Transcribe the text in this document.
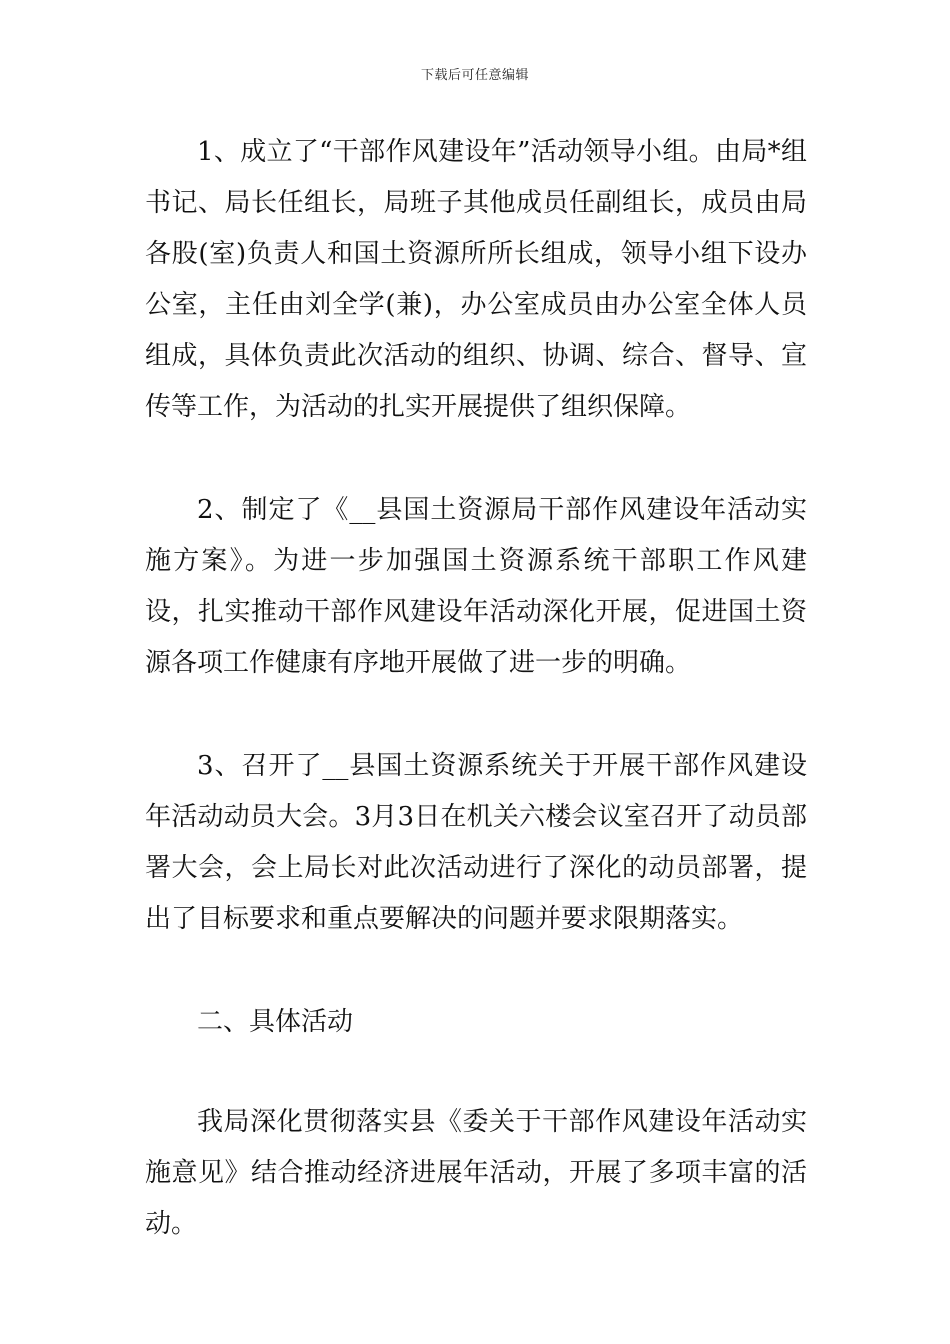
下载后可任意编辑

1、成立了“干部作风建设年”活动领导小组。由局*组书记、局长任组长，局班子其他成员任副组长，成员由局各股(室)负责人和国土资源所所长组成，领导小组下设办公室，主任由刘全学(兼)，办公室成员由办公室全体人员组成，具体负责此次活动的组织、协调、综合、督导、宣传等工作，为活动的扎实开展提供了组织保障。

2、制定了《__县国土资源局干部作风建设年活动实施方案》。为进一步加强国土资源系统干部职工作风建设，扎实推动干部作风建设年活动深化开展，促进国土资源各项工作健康有序地开展做了进一步的明确。

3、召开了__县国土资源系统关于开展干部作风建设年活动动员大会。3月3日在机关六楼会议室召开了动员部署大会，会上局长对此次活动进行了深化的动员部署，提出了目标要求和重点要解决的问题并要求限期落实。

二、具体活动

我局深化贯彻落实县《委关于干部作风建设年活动实施意见》结合推动经济进展年活动，开展了多项丰富的活动。
